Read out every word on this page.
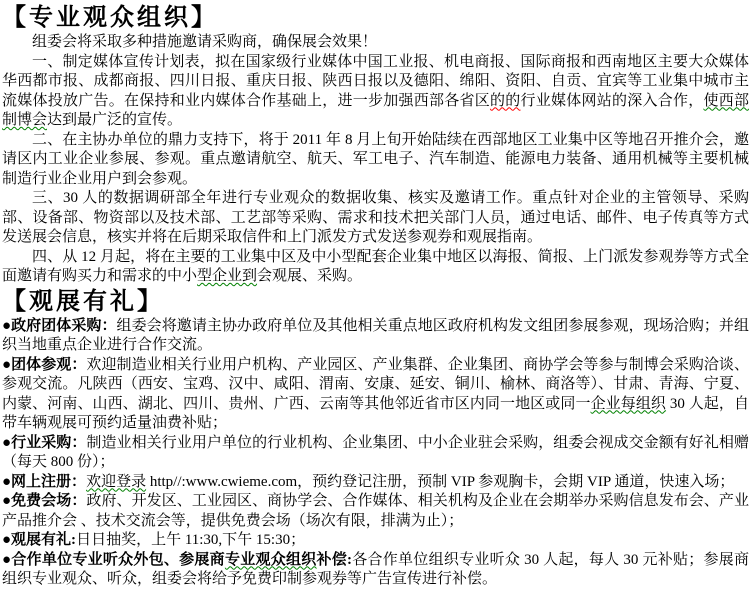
【专业观众组织】

组委会将采取多种措施邀请采购商，确保展会效果！

一、制定媒体宣传计划表，拟在国家级行业媒体中国工业报、机电商报、国际商报和西南地区主要大众媒体华西都市报、成都商报、四川日报、重庆日报、陕西日报以及德阳、绵阳、资阳、自贡、宜宾等工业集中城市主流媒体投放广告。在保持和业内媒体合作基础上，进一步加强西部各省区的的行业媒体网站的深入合作，使西部制博会达到最广泛的宣传。

二、在主协办单位的鼎力支持下，将于 2011 年 8 月上旬开始陆续在西部地区工业集中区等地召开推介会，邀请区内工业企业参展、参观。重点邀请航空、航天、军工电子、汽车制造、能源电力装备、通用机械等主要机械制造行业企业用户到会参观。

三、30 人的数据调研部全年进行专业观众的数据收集、核实及邀请工作。重点针对企业的主管领导、采购部、设备部、物资部以及技术部、工艺部等采购、需求和技术把关部门人员，通过电话、邮件、电子传真等方式发送展会信息，核实并将在后期采取信件和上门派发方式发送参观券和观展指南。

四、从 12 月起，将在主要的工业集中区及中小型配套企业集中地区以海报、简报、上门派发参观券等方式全面邀请有购买力和需求的中小型企业到会观展、采购。

【观展有礼】

●政府团体采购：组委会将邀请主协办政府单位及其他相关重点地区政府机构发文组团参展参观，现场洽购；并组织当地重点企业进行合作交流。

●团体参观：欢迎制造业相关行业用户机构、产业园区、产业集群、企业集团、商协学会等参与制博会采购洽谈、参观交流。凡陕西（西安、宝鸡、汉中、咸阳、渭南、安康、延安、铜川、榆林、商洛等）、甘肃、青海、宁夏、内蒙、河南、山西、湖北、四川、贵州、广西、云南等其他邻近省市区内同一地区或同一企业每组织 30 人起，自带车辆观展可预约适量油费补贴；

●行业采购：制造业相关行业用户单位的行业机构、企业集团、中小企业驻会采购，组委会视成交金额有好礼相赠（每天 800 份）；

●网上注册：欢迎登录 http//:www.cwieme.com，预约登记注册，预制 VIP 参观胸卡，会期 VIP 通道，快速入场；

●免费会场：政府、开发区、工业园区、商协学会、合作媒体、相关机构及企业在会期举办采购信息发布会、产业产品推介会 、技术交流会等，提供免费会场（场次有限，排满为止）；

●观展有礼:日日抽奖，上午 11:30,下午 15:30；

●合作单位专业听众外包、参展商专业观众组织补偿:各合作单位组织专业听众 30 人起，每人 30 元补贴；参展商组织专业观众、听众，组委会将给予免费印制参观券等广告宣传进行补偿。
